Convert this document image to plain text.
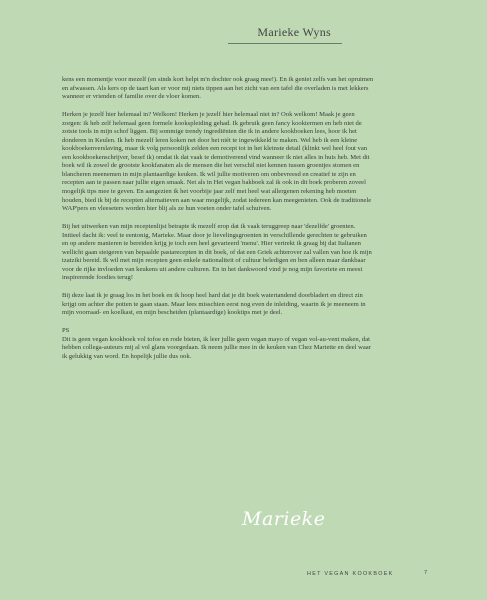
Marieke Wyns

kens een momentje voor mezelf (en sinds kort helpt m'n dochter ook graag mee!). En ik geniet zelfs van het opruimen en afwassen. Als kers op de taart kan er voor mij niets tippen aan het zicht van een tafel die overladen is met lekkers wanneer er vrienden of familie over de vloer komen.

Herken je jezelf hier helemaal in? Welkom! Herken je jezelf hier helemaal niet in? Ook welkom! Maak je geen zorgen: ik heb zelf helemaal geen formele kookspleiding gehad. Ik gebruik geen fancy kooktermen en heb niet de zotste tools in mijn schof liggen. Bij sommige trendy ingrediënten die ik in andere kookboeken lees, hoor ik het donderen in Keulen. Ik heb mezelf leren koken net door het niét te ingewikkeld te maken. Wel heb ik een kleine kookboekenverslaving, maar ik volg persoonlijk zelden een recept tot in het kleinste detail (klinkt wel heel fout van een kookboekenschrijver, besef ik) omdat ik dat vaak te demotiverend vind wanneer ik niet alles in huis heb. Met dit boek wil ik zowel de grootste kookfanaten als de mensen die het verschil niet kennen tussen groentjes stomen en blancheren meenemen in mijn plantaardige keuken. Ik wil jullie motiveren om onbevreesd en creatief te zijn en recepten aan te passen naar jullie eigen smaak. Net als in Het vegan bakboek zal ik ook in dit boek proberen zoveel mogelijk tips mee te geven. En aangezien ik het voorbije jaar zelf met heel wat allergenen rekening heb moeten houden, bied ik bij de recepten alternatieven aan waar mogelijk, zodat iedereen kan meegenieten. Ook de traditionele WAP'pers en vleeseters worden hier blij als ze hun voeten onder tafel schuiven.

Bij het uitwerken van mijn receptenlijst betrapte ik mezelf erop dat ik vaak teruggreep naar 'dezelfde' groenten. Initieel dacht ik: veel te eentonig, Marieke. Maar door je lievelingsgroenten in verschillende gerechten te gebruiken en op andere manieren te bereiden krijg je toch een heel gevarieerd 'menu'. Hier vertrekt ik graag bij dat Italianen wellicht gaan steigeren van bepaalde pastarecepten in dit boek, of dat een Griek achterover zal vallen van hoe ik mijn tzatziki bereid. Ik wil met mijn recepten geen enkele nationaliteit of cultuur beledigen en ben alleen maar dankbaar voor de rijke invloeden van keukens uit andere culturen. En in het dankwoord vind je nog mijn favoriete en meest inspirerende foodies terug!

Bij deze laat ik je graag los in het boek en ik hoop heel hard dat je dit boek watertandend doorbladert en direct zin krijgt om achter die potten te gaan staan. Maar lees misschien eerst nog even de inleiding, waarin ik je meeneem in mijn voorraad- en koelkast, en mijn bescheiden (plantaardige) kooktips met je deel.

PS

Dit is geen vegan kookboek vol tofoe en rode bieten, ik leer jullie geen vegan mayo of vegan vol-au-vent maken, dat hebben collega-auteurs mij al vol glans voorgedaan. Ik neem jullie mee in de keuken van Chez Mariette en deel waar ik gelukkig van word. En hopelijk jullie dus ook.

Marieke
HET VEGAN KOOKBOEK	7
